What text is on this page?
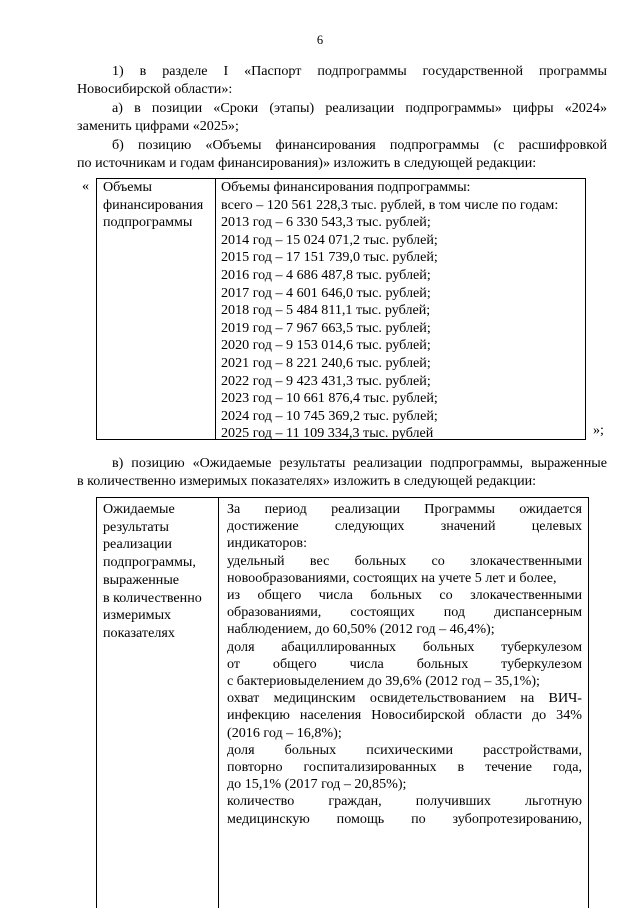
6
1) в разделе I «Паспорт подпрограммы государственной программы
Новосибирской области»:
а) в позиции «Сроки (этапы) реализации подпрограммы» цифры «2024»
заменить цифрами «2025»;
б) позицию «Объемы финансирования подпрограммы (с расшифровкой
по источникам и годам финансирования)» изложить в следующей редакции:
« Объемы
финансирования
подпрограммы
Объемы финансирования подпрограммы:
всего – 120 561 228,3 тыс. рублей, в том числе по годам:
2013 год – 6 330 543,3 тыс. рублей;
2014 год – 15 024 071,2 тыс. рублей;
2015 год – 17 151 739,0 тыс. рублей;
2016 год – 4 686 487,8 тыс. рублей;
2017 год – 4 601 646,0 тыс. рублей;
2018 год – 5 484 811,1 тыс. рублей;
2019 год – 7 967 663,5 тыс. рублей;
2020 год – 9 153 014,6 тыс. рублей;
2021 год – 8 221 240,6 тыс. рублей;
2022 год – 9 423 431,3 тыс. рублей;
2023 год – 10 661 876,4 тыс. рублей;
2024 год – 10 745 369,2 тыс. рублей;
2025 год – 11 109 334,3 тыс. рублей	»;
в) позицию «Ожидаемые результаты реализации подпрограммы, выраженные
в количественно измеримых показателях» изложить в следующей редакции:
Ожидаемые
результаты
реализации
подпрограммы,
выраженные
в количественно
измеримых
показателях
За период реализации Программы ожидается
достижение следующих значений целевых
индикаторов:
удельный вес больных со злокачественными
новообразованиями, состоящих на учете 5 лет и более,
из общего числа больных со злокачественными
образованиями, состоящих под диспансерным
наблюдением, до 60,50% (2012 год – 46,4%);
доля абациллированных больных туберкулезом
от общего числа больных туберкулезом
с бактериовыделением до 39,6% (2012 год – 35,1%);
охват медицинским освидетельствованием на ВИЧ-
инфекцию населения Новосибирской области до 34%
(2016 год – 16,8%);
доля больных психическими расстройствами,
повторно госпитализированных в течение года,
до 15,1% (2017 год – 20,85%);
количество граждан, получивших льготную
медицинскую помощь по зубопротезированию,
